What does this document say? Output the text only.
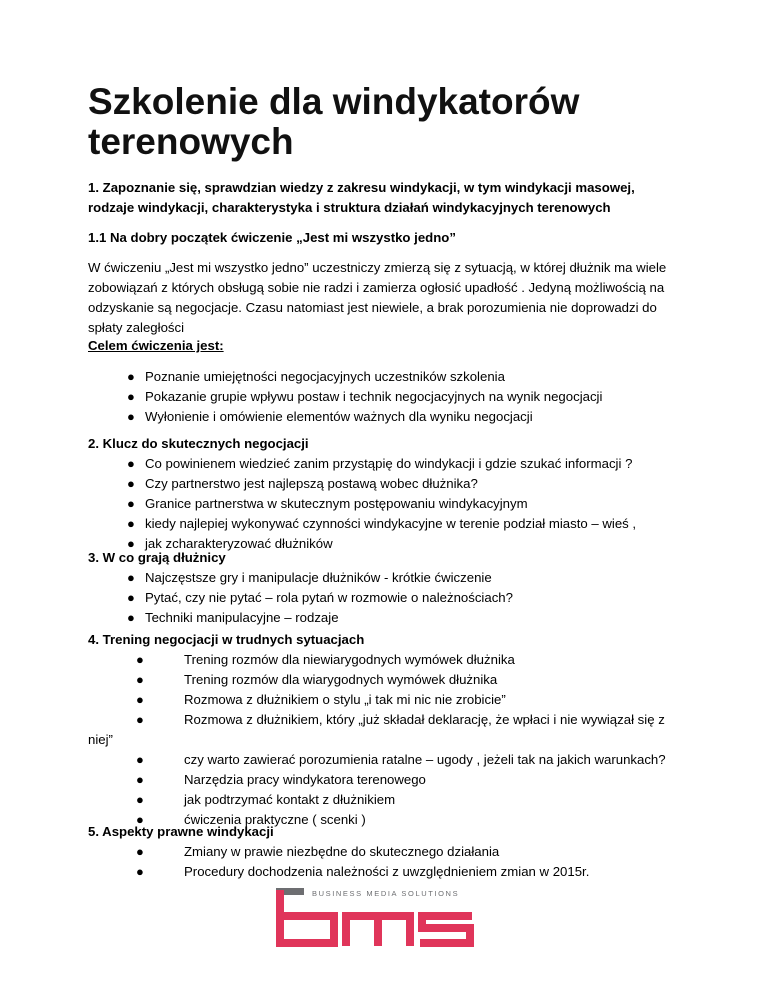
Szkolenie dla windykatorów terenowych

1. Zapoznanie się, sprawdzian wiedzy z zakresu windykacji, w tym windykacji masowej, rodzaje windykacji, charakterystyka i struktura działań windykacyjnych terenowych

1.1 Na dobry początek ćwiczenie „Jest mi wszystko jedno”

W ćwiczeniu „Jest mi wszystko jedno” uczestniczy zmierzą się z sytuacją, w której dłużnik ma wiele zobowiązań z których obsługą sobie nie radzi i zamierza ogłosić upadłość . Jedyną możliwością na odzyskanie są negocjacje. Czasu natomiast jest niewiele, a brak porozumienia nie doprowadzi do spłaty zaległości

Celem ćwiczenia jest:

● Poznanie umiejętności negocjacyjnych uczestników szkolenia
● Pokazanie grupie wpływu postaw i technik negocjacyjnych na wynik negocjacji
● Wyłonienie i omówienie elementów ważnych dla wyniku negocjacji

2. Klucz do skutecznych negocjacji

● Co powinienem wiedzieć zanim przystąpię do windykacji i gdzie szukać informacji ?
● Czy partnerstwo jest najlepszą postawą wobec dłużnika?
● Granice partnerstwa w skutecznym postępowaniu windykacyjnym
● kiedy najlepiej wykonywać czynności windykacyjne w terenie podział miasto – wieś ,
● jak zcharakteryzować dłużników

3. W co grają dłużnicy

● Najczęstsze gry i manipulacje dłużników - krótkie ćwiczenie
● Pytać, czy nie pytać – rola pytań w rozmowie o należnościach?
● Techniki manipulacyjne – rodzaje

4. Trening negocjacji w trudnych sytuacjach

●	Trening rozmów dla niewiarygodnych wymówek dłużnika
●	Trening rozmów dla wiarygodnych wymówek dłużnika
●	Rozmowa z dłużnikiem o stylu „i tak mi nic nie zrobicie”
●	Rozmowa z dłużnikiem, który „już składał deklarację, że wpłaci i nie wywiązał się z niej”
●	czy warto zawierać porozumienia ratalne – ugody , jeżeli tak na jakich warunkach?
●	Narzędzia pracy windykatora terenowego
●	jak podtrzymać kontakt z dłużnikiem
●	ćwiczenia praktyczne ( scenki )

5. Aspekty prawne windykacji

●	Zmiany w prawie niezbędne do skutecznego działania
●	Procedury dochodzenia należności z uwzględnieniem zmian w 2015r.
BUSINESS MEDIA SOLUTIONS
